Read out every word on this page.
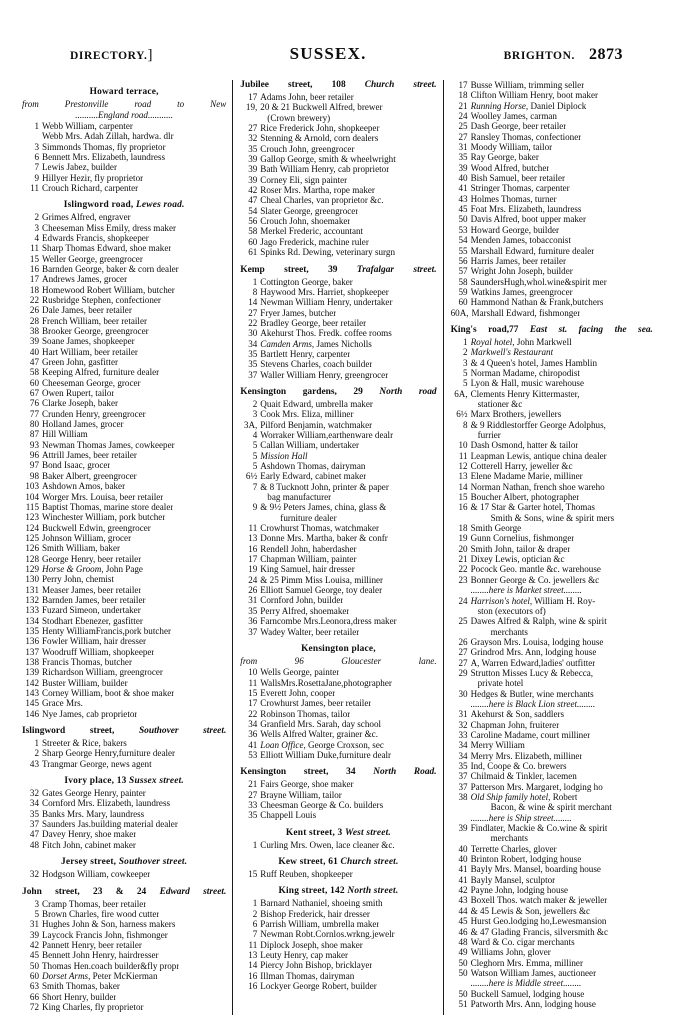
DIRECTORY.]	SUSSEX.	BRIGHTON. 2873
Howard terrace,
from Prestonville road to New
..........England road...........
1 Webb William, carpenter
Webb Mrs. Adah Zillah, hardwa. dlr
3 Simmonds Thomas, fly proprietor
6 Bennett Mrs. Elizabeth, laundress
7 Lewis Jabez, builder
9 Hillyer Hezir, fly proprietor
11 Crouch Richard, carpenter
Islingword road, Lewes road.
2 Grimes Alfred, engraver
3 Cheeseman Miss Emily, dress maker
4 Edwards Francis, shopkeeper
11 Sharp Thomas Edward, shoe maker
15 Weller George, greengrocer
16 Barnden George, baker & corn dealer
17 Andrews James, grocer
18 Homewood Robert William, butcher
22 Rusbridge Stephen, confectioner
26 Dale James, beer retailer
28 French William, beer retailer
38 Brooker George, greengrocer
39 Soane James, shopkeeper
40 Hart William, beer retailer
47 Green John, gasfitter
58 Keeping Alfred, furniture dealer
60 Cheeseman George, grocer
67 Owen Rupert, tailor
76 Clarke Joseph, baker
77 Crunden Henry, greengrocer
80 Holland James, grocer
87 Hill William
93 Newman Thomas James, cowkeeper
96 Attrill James, beer retailer
97 Bond Isaac, grocer
98 Baker Albert, greengrocer
103 Ashdown Amos, baker
104 Worger Mrs. Louisa, beer retailer
115 Baptist Thomas, marine store dealer
123 Winchester William, pork butcher
124 Buckwell Edwin, greengrocer
125 Johnson William, grocer
126 Smith William, baker
128 George Henry, beer retailer
129 Horse & Groom, John Page
130 Perry John, chemist
131 Measer James, beer retailer
132 Barnden James, beer retailer
133 Fuzard Simeon, undertaker
134 Stodhart Ebenezer, gasfitter
135 Henty WilliamFrancis,pork butcher
136 Fowler William, hair dresser
137 Woodruff William, shopkeeper
138 Francis Thomas, butcher
139 Richardson William, greengrocer
142 Buster William, builder
143 Corney William, boot & shoe maker
145 Grace Mrs.
146 Nye James, cab proprietor
Islingword street,	Southover street.
1 Streeter & Rice, bakers
2 Sharp George Henry,furniture dealer
43 Trangmar George, news agent
Ivory place, 13 Sussex street.
32 Gates George Henry, painter
34 Cornford Mrs. Elizabeth, laundress
35 Banks Mrs. Mary, laundress
37 Saunders Jas.building material dealer
47 Davey Henry, shoe maker
48 Fitch John, cabinet maker
Jersey street, Southover street.
32 Hodgson William, cowkeeper
John street, 23 & 24 Edward street.
3 Cramp Thomas, beer retailer
5 Brown Charles, fire wood cutter
31 Hughes John & Son, harness makers
39 Laycock Francis John, fishmonger
42 Pannett Henry, beer retailer
45 Bennett John Henry, hairdresser
50 Thomas Hen.coach builder&fly propr
60 Dorset Arms, Peter McKierman
63 Smith Thomas, baker
66 Short Henry, builder
72 King Charles, fly proprietor
Jubilee street, 108 Church street.
17 Adams John, beer retailer
19, 20 & 21 Buckwell Alfred, brewer
(Crown brewery)
27 Rice Frederick John, shopkeeper
32 Stenning & Arnold, corn dealers
35 Crouch John, greengrocer
39 Gallop George, smith & wheelwright
39 Bath William Henry, cab proprietor
39 Corney Eli, sign painter
42 Roser Mrs. Martha, rope maker
47 Cheal Charles, van proprietor &c.
54 Slater George, greengrocer
56 Crouch John, shoemaker
58 Merkel Frederic, accountant
60 Jago Frederick, machine ruler
61 Spinks Rd. Dewing, veterinary surgn
Kemp street, 39 Trafalgar street.
1 Cottington George, baker
8 Haywood Mrs. Harriet, shopkeeper
14 Newman William Henry, undertaker
27 Fryer James, butcher
22 Bradley George, beer retailer
30 Akehurst Thos. Fredk. coffee rooms
34 Camden Arms, James Nicholls
35 Bartlett Henry, carpenter
35 Stevens Charles, coach builder
37 Waller William Henry, greengrocer
Kensington gardens, 29 North road
2 Quait Edward, umbrella maker
3 Cook Mrs. Eliza, milliner
3A, Pilford Benjamin, watchmaker
4 Worraker William,earthenware dealr
5 Callan William, undertaker
5 Mission Hall
5 Ashdown Thomas, dairyman
6½ Early Edward, cabinet maker
7 & 8 Tucknott John, printer & paper
bag manufacturer
9 & 9½ Peters James, china, glass &
furniture dealer
11 Crowhurst Thomas, watchmaker
13 Donne Mrs. Martha, baker & confr
16 Rendell John, haberdasher
17 Chapman William, painter
19 King Samuel, hair dresser
24 & 25 Pimm Miss Louisa, milliner
26 Elliott Samuel George, toy dealer
31 Cornford John, builder
35 Perry Alfred, shoemaker
36 Farncombe Mrs.Leonora,dress maker
37 Wadey Walter, beer retailer
Kensington place,
from 96 Gloucester lane.
10 Wells George, painter
11 WallsMrs.RosettaJane,photographer
15 Everett John, cooper
17 Crowhurst James, beer retailer
22 Robinson Thomas, tailor
34 Granfield Mrs. Sarah, day school
36 Wells Alfred Walter, grainer &c.
41 Loan Office, George Croxson, sec
53 Elliott William Duke,furniture dealr
Kensington street, 34 North Road.
21 Fairs George, shoe maker
27 Brayne William, tailor
33 Cheesman George & Co. builders
35 Chappell Louis
Kent street, 3 West street.
1 Curling Mrs. Owen, lace cleaner &c.
Kew street, 61 Church street.
15 Ruff Reuben, shopkeeper
King street, 142 North street.
1 Barnard Nathaniel, shoeing smith
2 Bishop Frederick, hair dresser
6 Parrish William, umbrella maker
7 Newman Robt.Cornlos.wrkng.jewelr
11 Diplock Joseph, shoe maker
13 Leuty Henry, cap maker
14 Piercy John Bishop, bricklayer
16 Illman Thomas, dairyman
16 Lockyer George Robert, builder
17 Busse William, trimming seller
18 Clifton William Henry, boot maker
21 Running Horse, Daniel Diplock
24 Woolley James, carman
25 Dash George, beer retailer
27 Ransley Thomas, confectioner
31 Moody William, tailor
35 Ray George, baker
39 Wood Alfred, butcher
40 Bish Samuel, beer retailer
41 Stringer Thomas, carpenter
43 Holmes Thomas, turner
45 Foat Mrs. Elizabeth, laundress
50 Davis Alfred, boot upper maker
53 Howard George, builder
54 Menden James, tobacconist
55 Marshall Edward, furniture dealer
56 Harris James, beer retailer
57 Wright John Joseph, builder
58 SaundersHugh,whol.wine&spirit mer
59 Watkins James, greengrocer
60 Hammond Nathan & Frank,butchers
60A, Marshall Edward, fishmonger
King's road,77 East st. facing the sea.
1 Royal hotel, John Markwell
2 Markwell's Restaurant
3 & 4 Queen's hotel, James Hamblin
5 Norman Madame, chiropodist
5 Lyon & Hall, music warehouse
6A, Clements Henry Kittermaster,
stationer &c
6½ Marx Brothers, jewellers
8 & 9 Riddlestorffer George Adolphus,
furrier
10 Dash Osmond, hatter & tailor
11 Leapman Lewis, antique china dealer
12 Cotterell Harry, jeweller &c
13 Elene Madame Marie, milliner
14 Norman Nathan, french shoe wareho
15 Boucher Albert, photographer
16 & 17 Star & Garter hotel, Thomas
Smith & Sons, wine & spirit mers
18 Smith George
19 Gunn Cornelius, fishmonger
20 Smith John, tailor & draper
21 Dixey Lewis, optician &c
22 Pocock Geo. mantle &c. warehouse
23 Bonner George & Co. jewellers &c
........here is Market street........
24 Harrison's hotel, William H. Roy-
ston (executors of)
25 Dawes Alfred & Ralph, wine & spirit
merchants
26 Grayson Mrs. Louisa, lodging house
27 Grindrod Mrs. Ann, lodging house
27 A, Warren Edward,ladies' outfitter
29 Strutton Misses Lucy & Rebecca,
private hotel
30 Hedges & Butler, wine merchants
........here is Black Lion street........
31 Akehurst & Son, saddlers
32 Chapman John, fruiterer
33 Caroline Madame, court milliner
34 Merry William
34 Merry Mrs. Elizabeth, milliner
35 Ind, Coope & Co. brewers
37 Chilmaid & Tinkler, lacemen
37 Patterson Mrs. Margaret, lodging ho
38 Old Ship family hotel, Robert
Bacon, & wine & spirit merchant
........here is Ship street........
39 Findlater, Mackie & Co.wine & spirit
merchants
40 Terrette Charles, glover
40 Brinton Robert, lodging house
41 Bayly Mrs. Mansel, boarding house
41 Bayly Mansel, sculptor
42 Payne John, lodging house
43 Boxell Thos. watch maker & jeweller
44 & 45 Lewis & Son, jewellers &c
45 Hurst Geo.lodging ho,Lewesmansion
46 & 47 Glading Francis, silversmith &c
48 Ward & Co. cigar merchants
49 Williams John, glover
50 Cleghorn Mrs. Emma, milliner
50 Watson William James, auctioneer
........here is Middle street........
50 Buckell Samuel, lodging house
51 Patworth Mrs. Ann, lodging house
